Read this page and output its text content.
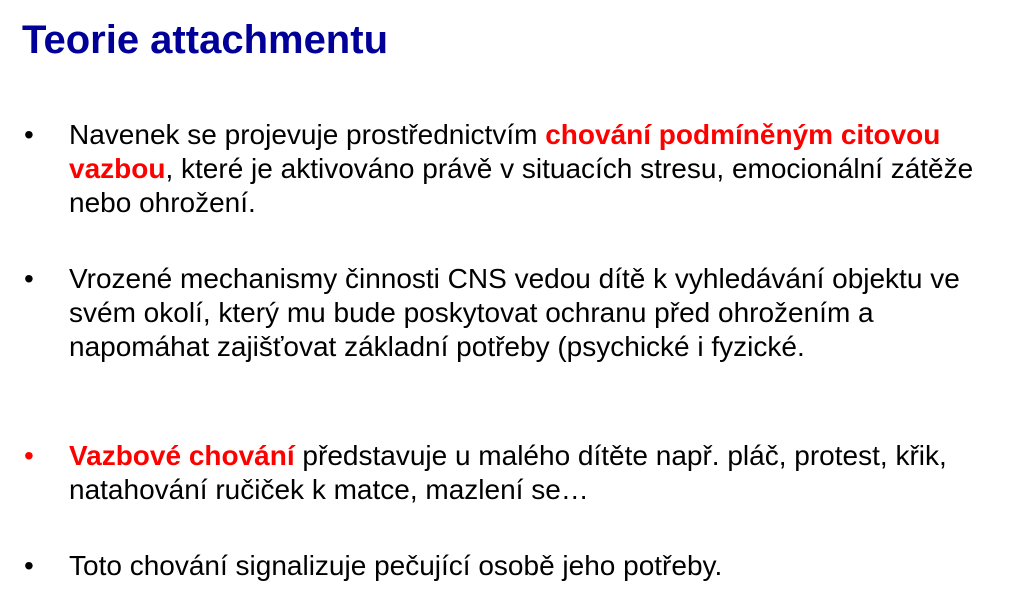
Teorie attachmentu
• Navenek se projevuje prostřednictvím chování podmíněným citovou vazbou, které je aktivováno právě v situacích stresu, emocionální zátěže nebo ohrožení.

• Vrozené mechanismy činnosti CNS vedou dítě k vyhledávání objektu ve svém okolí, který mu bude poskytovat ochranu před ohrožením a napomáhat zajišťovat základní potřeby (psychické i fyzické.

• Vazbové chování představuje u malého dítěte např. pláč, protest, křik, natahování ručiček k matce, mazlení se…

• Toto chování signalizuje pečující osobě jeho potřeby.
